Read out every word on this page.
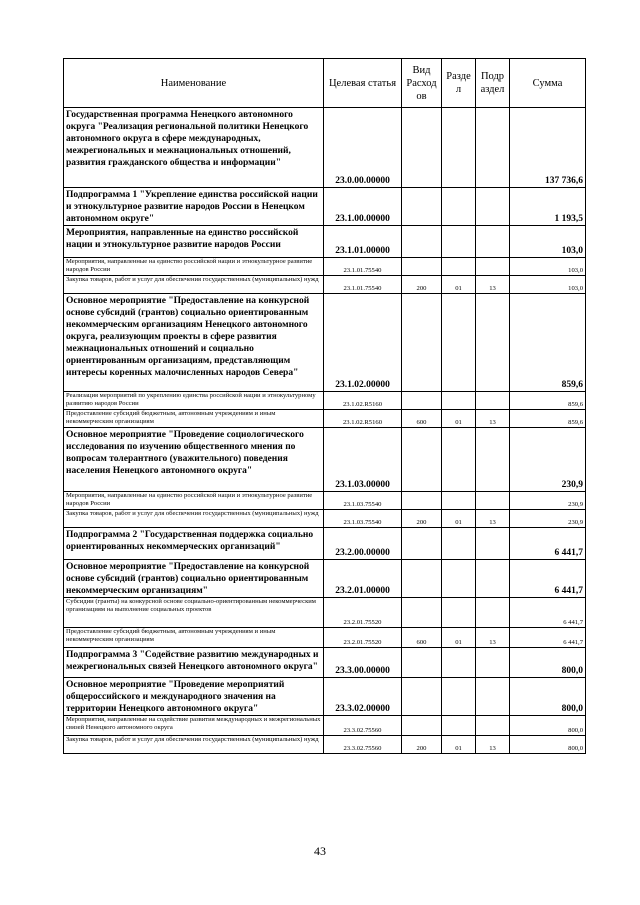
Наименование	Целевая статья	Вид Расход ов	Разде л	Подр аздел	Сумма
Государственная программа Ненецкого автономного округа "Реализация региональной политики Ненецкого автономного округа в сфере международных, межрегиональных и межнациональных отношений, развития гражданского общества и информации"	23.0.00.00000				137 736,6
Подпрограмма 1 "Укрепление единства российской нации и этнокультурное развитие народов России в Ненецком автономном округе"	23.1.00.00000				1 193,5
Мероприятия, направленные на единство российской нации и этнокультурное развитие народов России	23.1.01.00000				103,0
Мероприятия, направленные на единство российской нации и этнокультурное развитие народов России	23.1.01.75540				103,0
Закупка товаров, работ и услуг для обеспечения государственных (муниципальных) нужд	23.1.01.75540	200	01	13	103,0
Основное мероприятие "Предоставление на конкурсной основе субсидий (грантов) социально ориентированным некоммерческим организациям Ненецкого автономного округа, реализующим проекты в сфере развития межнациональных отношений и социально ориентированным организациям, представляющим интересы коренных малочисленных народов Севера"	23.1.02.00000				859,6
Реализация мероприятий по укреплению единства российской нации и этнокультурному развитию народов России	23.1.02.R5160				859,6
Предоставление субсидий бюджетным, автономным учреждениям и иным некоммерческим организациям	23.1.02.R5160	600	01	13	859,6
Основное мероприятие "Проведение социологического исследования по изучению общественного мнения по вопросам толерантного (уважительного) поведения населения Ненецкого автономного округа"	23.1.03.00000				230,9
Мероприятия, направленные на единство российской нации и этнокультурное развитие народов России	23.1.03.75540				230,9
Закупка товаров, работ и услуг для обеспечения государственных (муниципальных) нужд	23.1.03.75540	200	01	13	230,9
Подпрограмма 2 "Государственная поддержка социально ориентированных некоммерческих организаций"	23.2.00.00000				6 441,7
Основное мероприятие "Предоставление на конкурсной основе субсидий (грантов) социально ориентированным некоммерческим организациям"	23.2.01.00000				6 441,7
Субсидии (гранты) на конкурсной основе социально-ориентированным некоммерческим организациям на выполнение социальных проектов	23.2.01.75520				6 441,7
Предоставление субсидий бюджетным, автономным учреждениям и иным некоммерческим организациям	23.2.01.75520	600	01	13	6 441,7
Подпрограмма 3 "Содействие развитию международных и межрегиональных связей Ненецкого автономного округа"	23.3.00.00000				800,0
Основное мероприятие "Проведение мероприятий общероссийского и международного значения на территории Ненецкого автономного округа"	23.3.02.00000				800,0
Мероприятия, направленные на содействие развития международных и межрегиональных связей Ненецкого автономного округа	23.3.02.75560				800,0
Закупка товаров, работ и услуг для обеспечения государственных (муниципальных) нужд	23.3.02.75560	200	01	13	800,0
43
